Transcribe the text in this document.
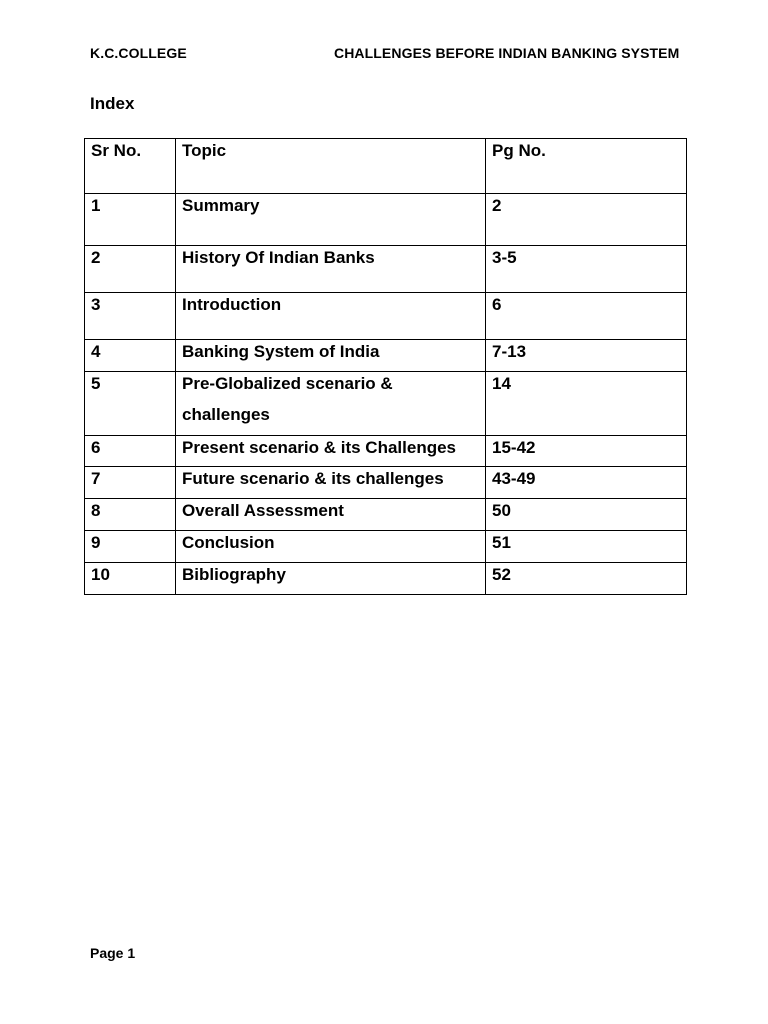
K.C.COLLEGE	CHALLENGES BEFORE INDIAN BANKING SYSTEM
Index
Sr No.	Topic	Pg No.
1	Summary	2
2	History Of Indian Banks	3-5
3	Introduction	6
4	Banking System of India	7-13
5	Pre-Globalized scenario & challenges	14
6	Present scenario & its Challenges	15-42
7	Future scenario & its challenges	43-49
8	Overall Assessment	50
9	Conclusion	51
10	Bibliography	52
Page 1
